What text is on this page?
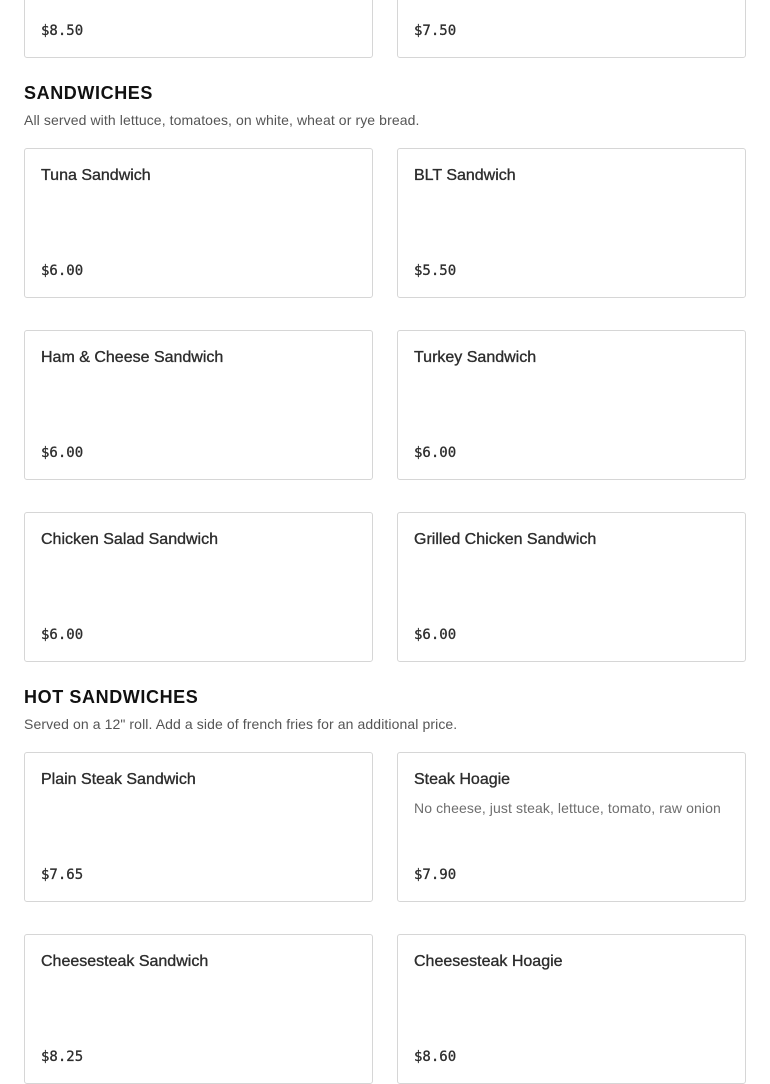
$8.50	$7.50
SANDWICHES

All served with lettuce, tomatoes, on white, wheat or rye bread.

Tuna Sandwich
$6.00
BLT Sandwich
$5.50
Ham & Cheese Sandwich
$6.00
Turkey Sandwich
$6.00
Chicken Salad Sandwich
$6.00
Grilled Chicken Sandwich
$6.00
HOT SANDWICHES

Served on a 12" roll. Add a side of french fries for an additional price.

Plain Steak Sandwich
$7.65
Steak Hoagie
No cheese, just steak, lettuce, tomato, raw onion
$7.90
Cheesesteak Sandwich
$8.25
Cheesesteak Hoagie
$8.60
